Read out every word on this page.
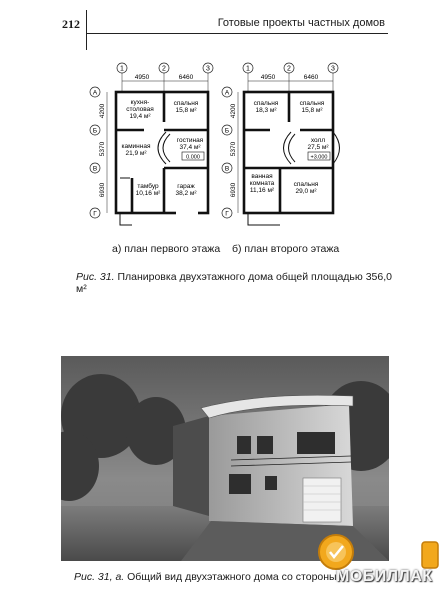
212	Готовые проекты частных домов
1	2	3
4950	6460
A
Б
В
Г
4200
5370
6930
кухня-
столовая
19,4 м²
спальня
15,8 м²
каминная
21,9 м²
гостиная
37,4 м²
тамбур
10,16 м²
гараж
38,2 м²
0.000
1	2	3
4950	6460
A
Б
В
Г
4200
5370
6930
спальня
18,3 м²
спальня
15,8 м²
холл
27,5 м²
ванная
комната
11,16 м²
спальня
29,0 м²
+3.000
а) план первого этажа б) план второго этажа
Рис. 31. Планировка двухэтажного дома общей площадью 356,0 м²
Рис. 31, а. Общий вид двухэтажного дома со стороны гл
МОБИЛЛАК
